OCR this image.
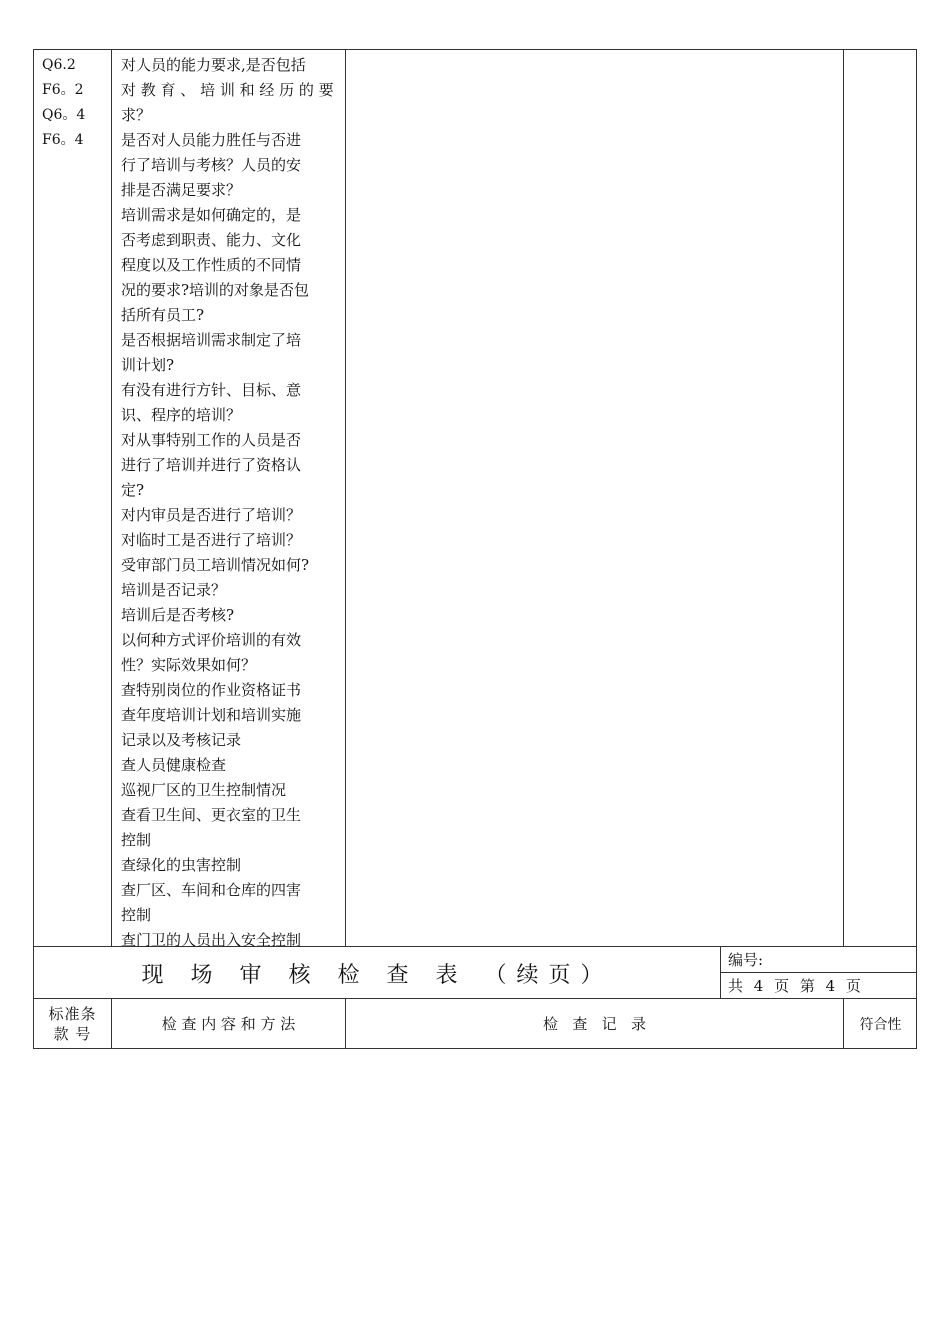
Q6.2
F6。2
Q6。4
F6。4
对人员的能力要求,是否包括
对 教 育 、 培 训 和 经 历 的 要
求？
是否对人员能力胜任与否进
行了培训与考核？人员的安
排是否满足要求？
培训需求是如何确定的，是
否考虑到职责、能力、文化
程度以及工作性质的不同情
况的要求?培训的对象是否包
括所有员工?
是否根据培训需求制定了培
训计划?
有没有进行方针、目标、意
识、程序的培训？
对从事特别工作的人员是否
进行了培训并进行了资格认
定?
对内审员是否进行了培训？
对临时工是否进行了培训？
受审部门员工培训情况如何?
培训是否记录？
培训后是否考核?
以何种方式评价培训的有效
性？实际效果如何？
查特别岗位的作业资格证书
查年度培训计划和培训实施
记录以及考核记录
查人员健康检查
巡视厂区的卫生控制情况
查看卫生间、更衣室的卫生
控制
查绿化的虫害控制
查厂区、车间和仓库的四害
控制
查门卫的人员出入安全控制
现 场 审 核 检 查 表 （续页）
编号:
共 4 页 第 4 页
标准条
款 号
检 查 内 容 和 方 法	检   查   记   录	符合性
